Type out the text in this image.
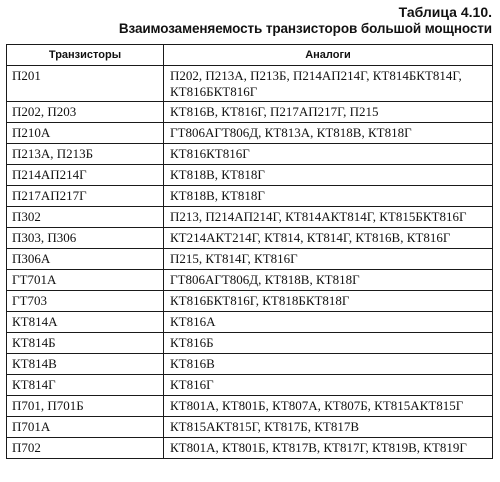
Таблица 4.10.
Взаимозаменяемость транзисторов большой мощности
Транзисторы	Аналоги
П201	П202, П213А, П213Б, П214АП214Г, КТ814БКТ814Г, КТ816БКТ816Г
П202, П203	КТ816В, КТ816Г, П217АП217Г, П215
П210А	ГТ806АГТ806Д, КТ813А, КТ818В, КТ818Г
П213А, П213Б	КТ816КТ816Г
П214АП214Г	КТ818В, КТ818Г
П217АП217Г	КТ818В, КТ818Г
П302	П213, П214АП214Г, КТ814АКТ814Г, КТ815БКТ816Г
П303, П306	КТ214АКТ214Г, КТ814, КТ814Г, КТ816В, КТ816Г
П306А	П215, КТ814Г, КТ816Г
ГТ701А	ГТ806АГТ806Д, КТ818В, КТ818Г
ГТ703	КТ816БКТ816Г, КТ818БКТ818Г
КТ814А	КТ816А
КТ814Б	КТ816Б
КТ814В	КТ816В
КТ814Г	КТ816Г
П701, П701Б	КТ801А, КТ801Б, КТ807А, КТ807Б, КТ815АКТ815Г
П701А	КТ815АКТ815Г, КТ817Б, КТ817В
П702	КТ801А, КТ801Б, КТ817В, КТ817Г, КТ819В, КТ819Г
